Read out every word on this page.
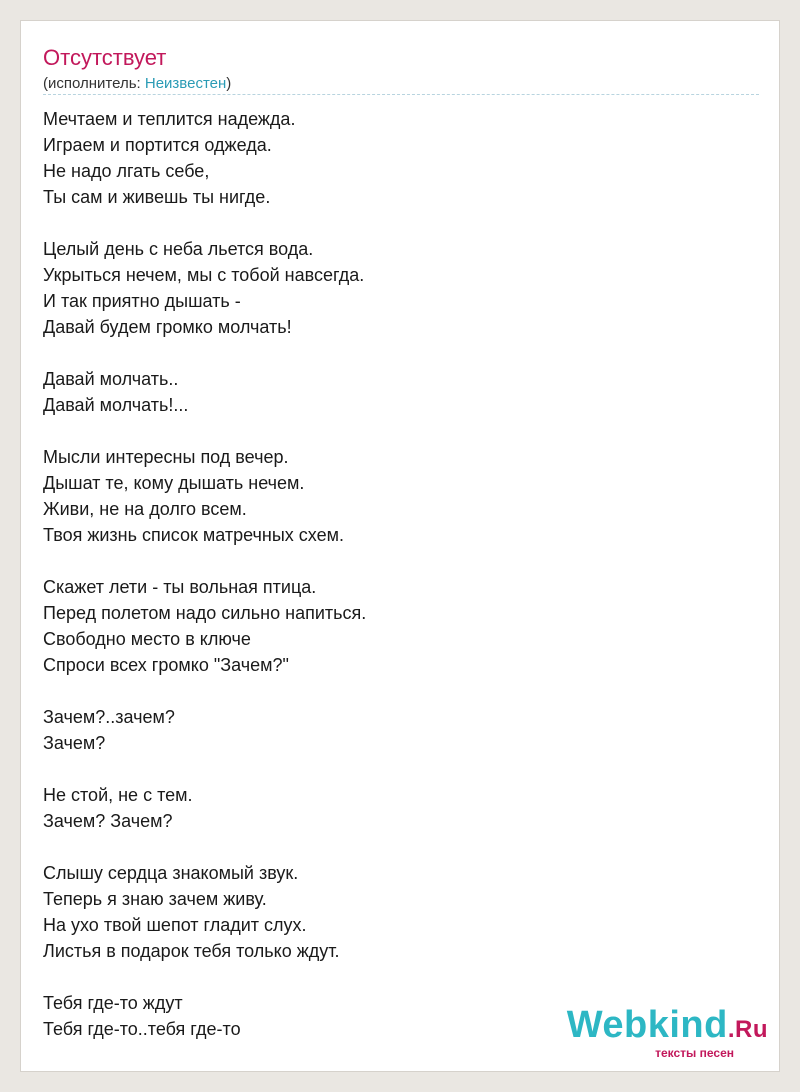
Отсутствует
(исполнитель: Неизвестен)
Мечтаем и теплится надежда.
Играем и портится оджеда.
Не надо лгать себе,
Ты сам и живешь ты нигде.

Целый день с неба льется вода.
Укрыться нечем, мы с тобой навсегда.
И так приятно дышать -
Давай будем громко молчать!

Давай молчать..
Давай молчать!...

Мысли интересны под вечер.
Дышат те, кому дышать нечем.
Живи, не на долго всем.
Твоя жизнь список матречных схем.

Скажет лети - ты вольная птица.
Перед полетом надо сильно напиться.
Свободно место в ключе
Спроси всех громко "Зачем?"

Зачем?..зачем?
Зачем?

Не стой, не с тем.
Зачем? Зачем?

Слышу сердца знакомый звук.
Теперь я знаю зачем живу.
На ухо твой шепот гладит слух.
Листья в подарок тебя только ждут.

Тебя где-то ждут
Тебя где-то..тебя где-то	Webkind.Ru
тексты песен
